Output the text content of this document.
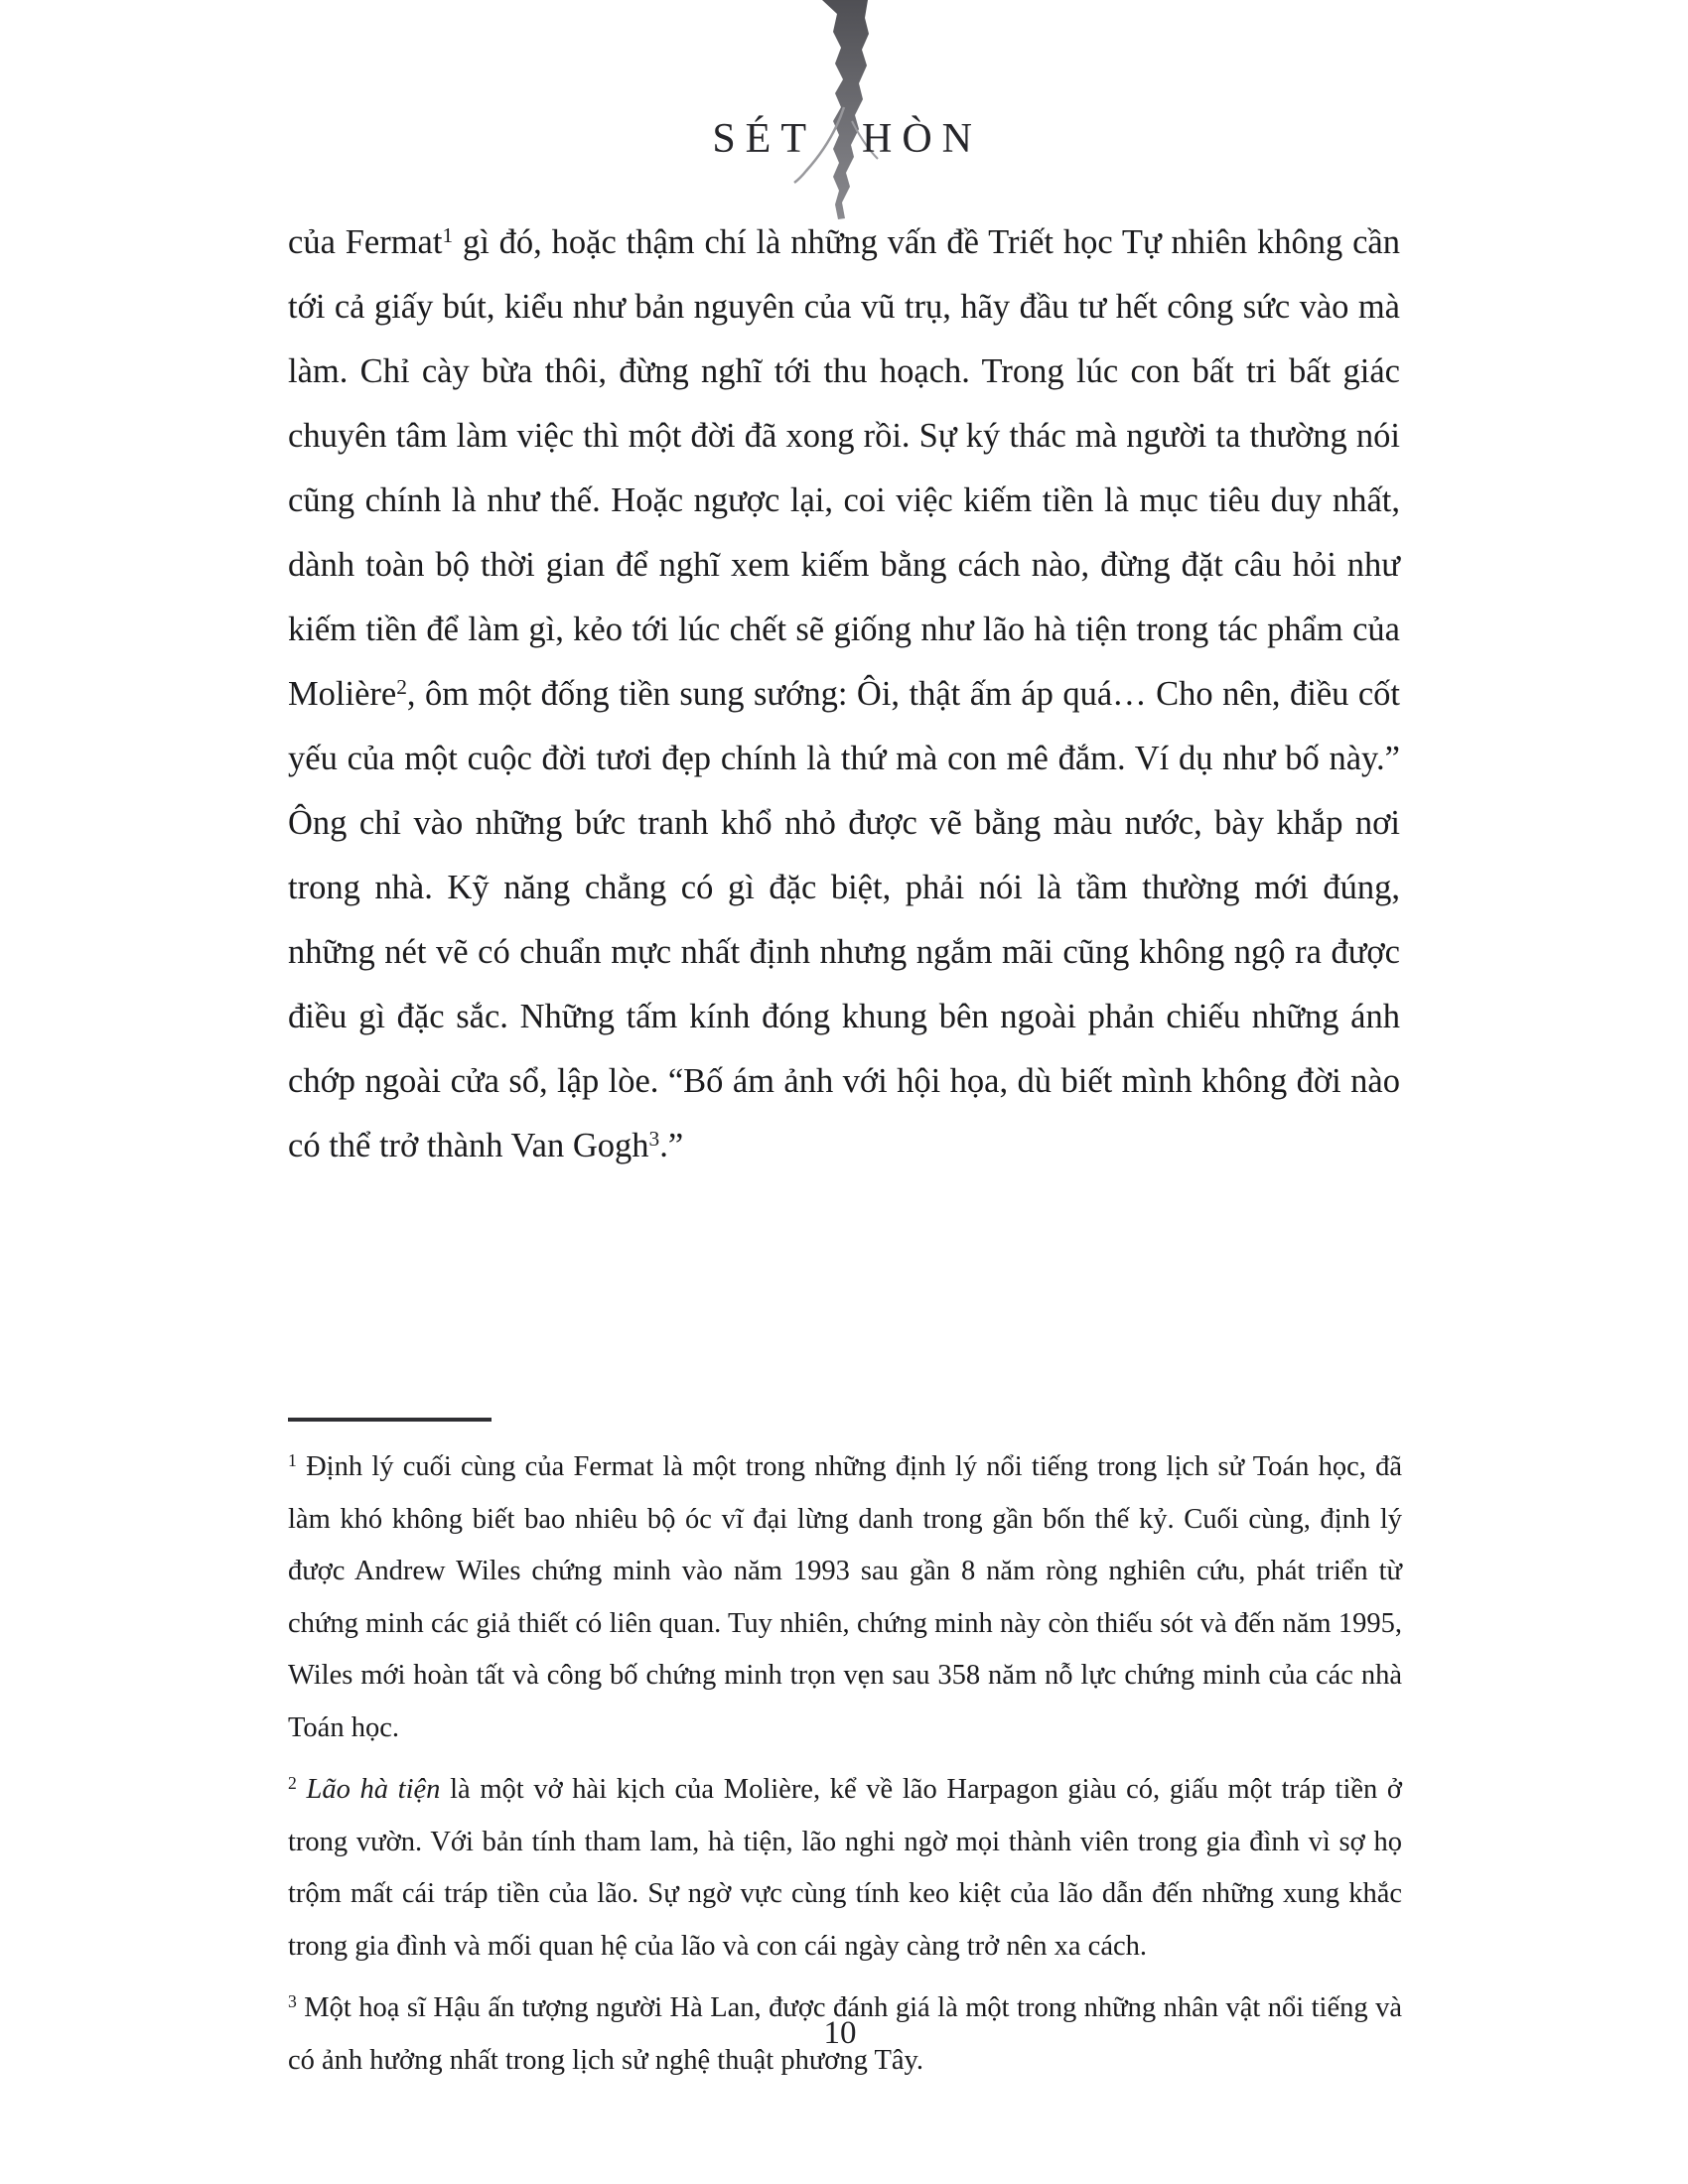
SÉT HÒN
của Fermat$^1$ gì đó, hoặc thậm chí là những vấn đề Triết học Tự nhiên không cần tới cả giấy bút, kiểu như bản nguyên của vũ trụ, hãy đầu tư hết công sức vào mà làm. Chỉ cày bừa thôi, đừng nghĩ tới thu hoạch. Trong lúc con bất tri bất giác chuyên tâm làm việc thì một đời đã xong rồi. Sự ký thác mà người ta thường nói cũng chính là như thế. Hoặc ngược lại, coi việc kiếm tiền là mục tiêu duy nhất, dành toàn bộ thời gian để nghĩ xem kiếm bằng cách nào, đừng đặt câu hỏi như kiếm tiền để làm gì, kẻo tới lúc chết sẽ giống như lão hà tiện trong tác phẩm của Molière$^2$, ôm một đống tiền sung sướng: Ôi, thật ấm áp quá… Cho nên, điều cốt yếu của một cuộc đời tươi đẹp chính là thứ mà con mê đắm. Ví dụ như bố này.” Ông chỉ vào những bức tranh khổ nhỏ được vẽ bằng màu nước, bày khắp nơi trong nhà. Kỹ năng chẳng có gì đặc biệt, phải nói là tầm thường mới đúng, những nét vẽ có chuẩn mực nhất định nhưng ngắm mãi cũng không ngộ ra được điều gì đặc sắc. Những tấm kính đóng khung bên ngoài phản chiếu những ánh chớp ngoài cửa sổ, lập lòe. “Bố ám ảnh với hội họa, dù biết mình không đời nào có thể trở thành Van Gogh$^3$.”

$^1$ Định lý cuối cùng của Fermat là một trong những định lý nổi tiếng trong lịch sử Toán học, đã làm khó không biết bao nhiêu bộ óc vĩ đại lừng danh trong gần bốn thế kỷ. Cuối cùng, định lý được Andrew Wiles chứng minh vào năm 1993 sau gần 8 năm ròng nghiên cứu, phát triển từ chứng minh các giả thiết có liên quan. Tuy nhiên, chứng minh này còn thiếu sót và đến năm 1995, Wiles mới hoàn tất và công bố chứng minh trọn vẹn sau 358 năm nỗ lực chứng minh của các nhà Toán học.

$^2$ Lão hà tiện là một vở hài kịch của Molière, kể về lão Harpagon giàu có, giấu một tráp tiền ở trong vườn. Với bản tính tham lam, hà tiện, lão nghi ngờ mọi thành viên trong gia đình vì sợ họ trộm mất cái tráp tiền của lão. Sự ngờ vực cùng tính keo kiệt của lão dẫn đến những xung khắc trong gia đình và mối quan hệ của lão và con cái ngày càng trở nên xa cách.

$^3$ Một hoạ sĩ Hậu ấn tượng người Hà Lan, được đánh giá là một trong những nhân vật nổi tiếng và có ảnh hưởng nhất trong lịch sử nghệ thuật phương Tây.

10
